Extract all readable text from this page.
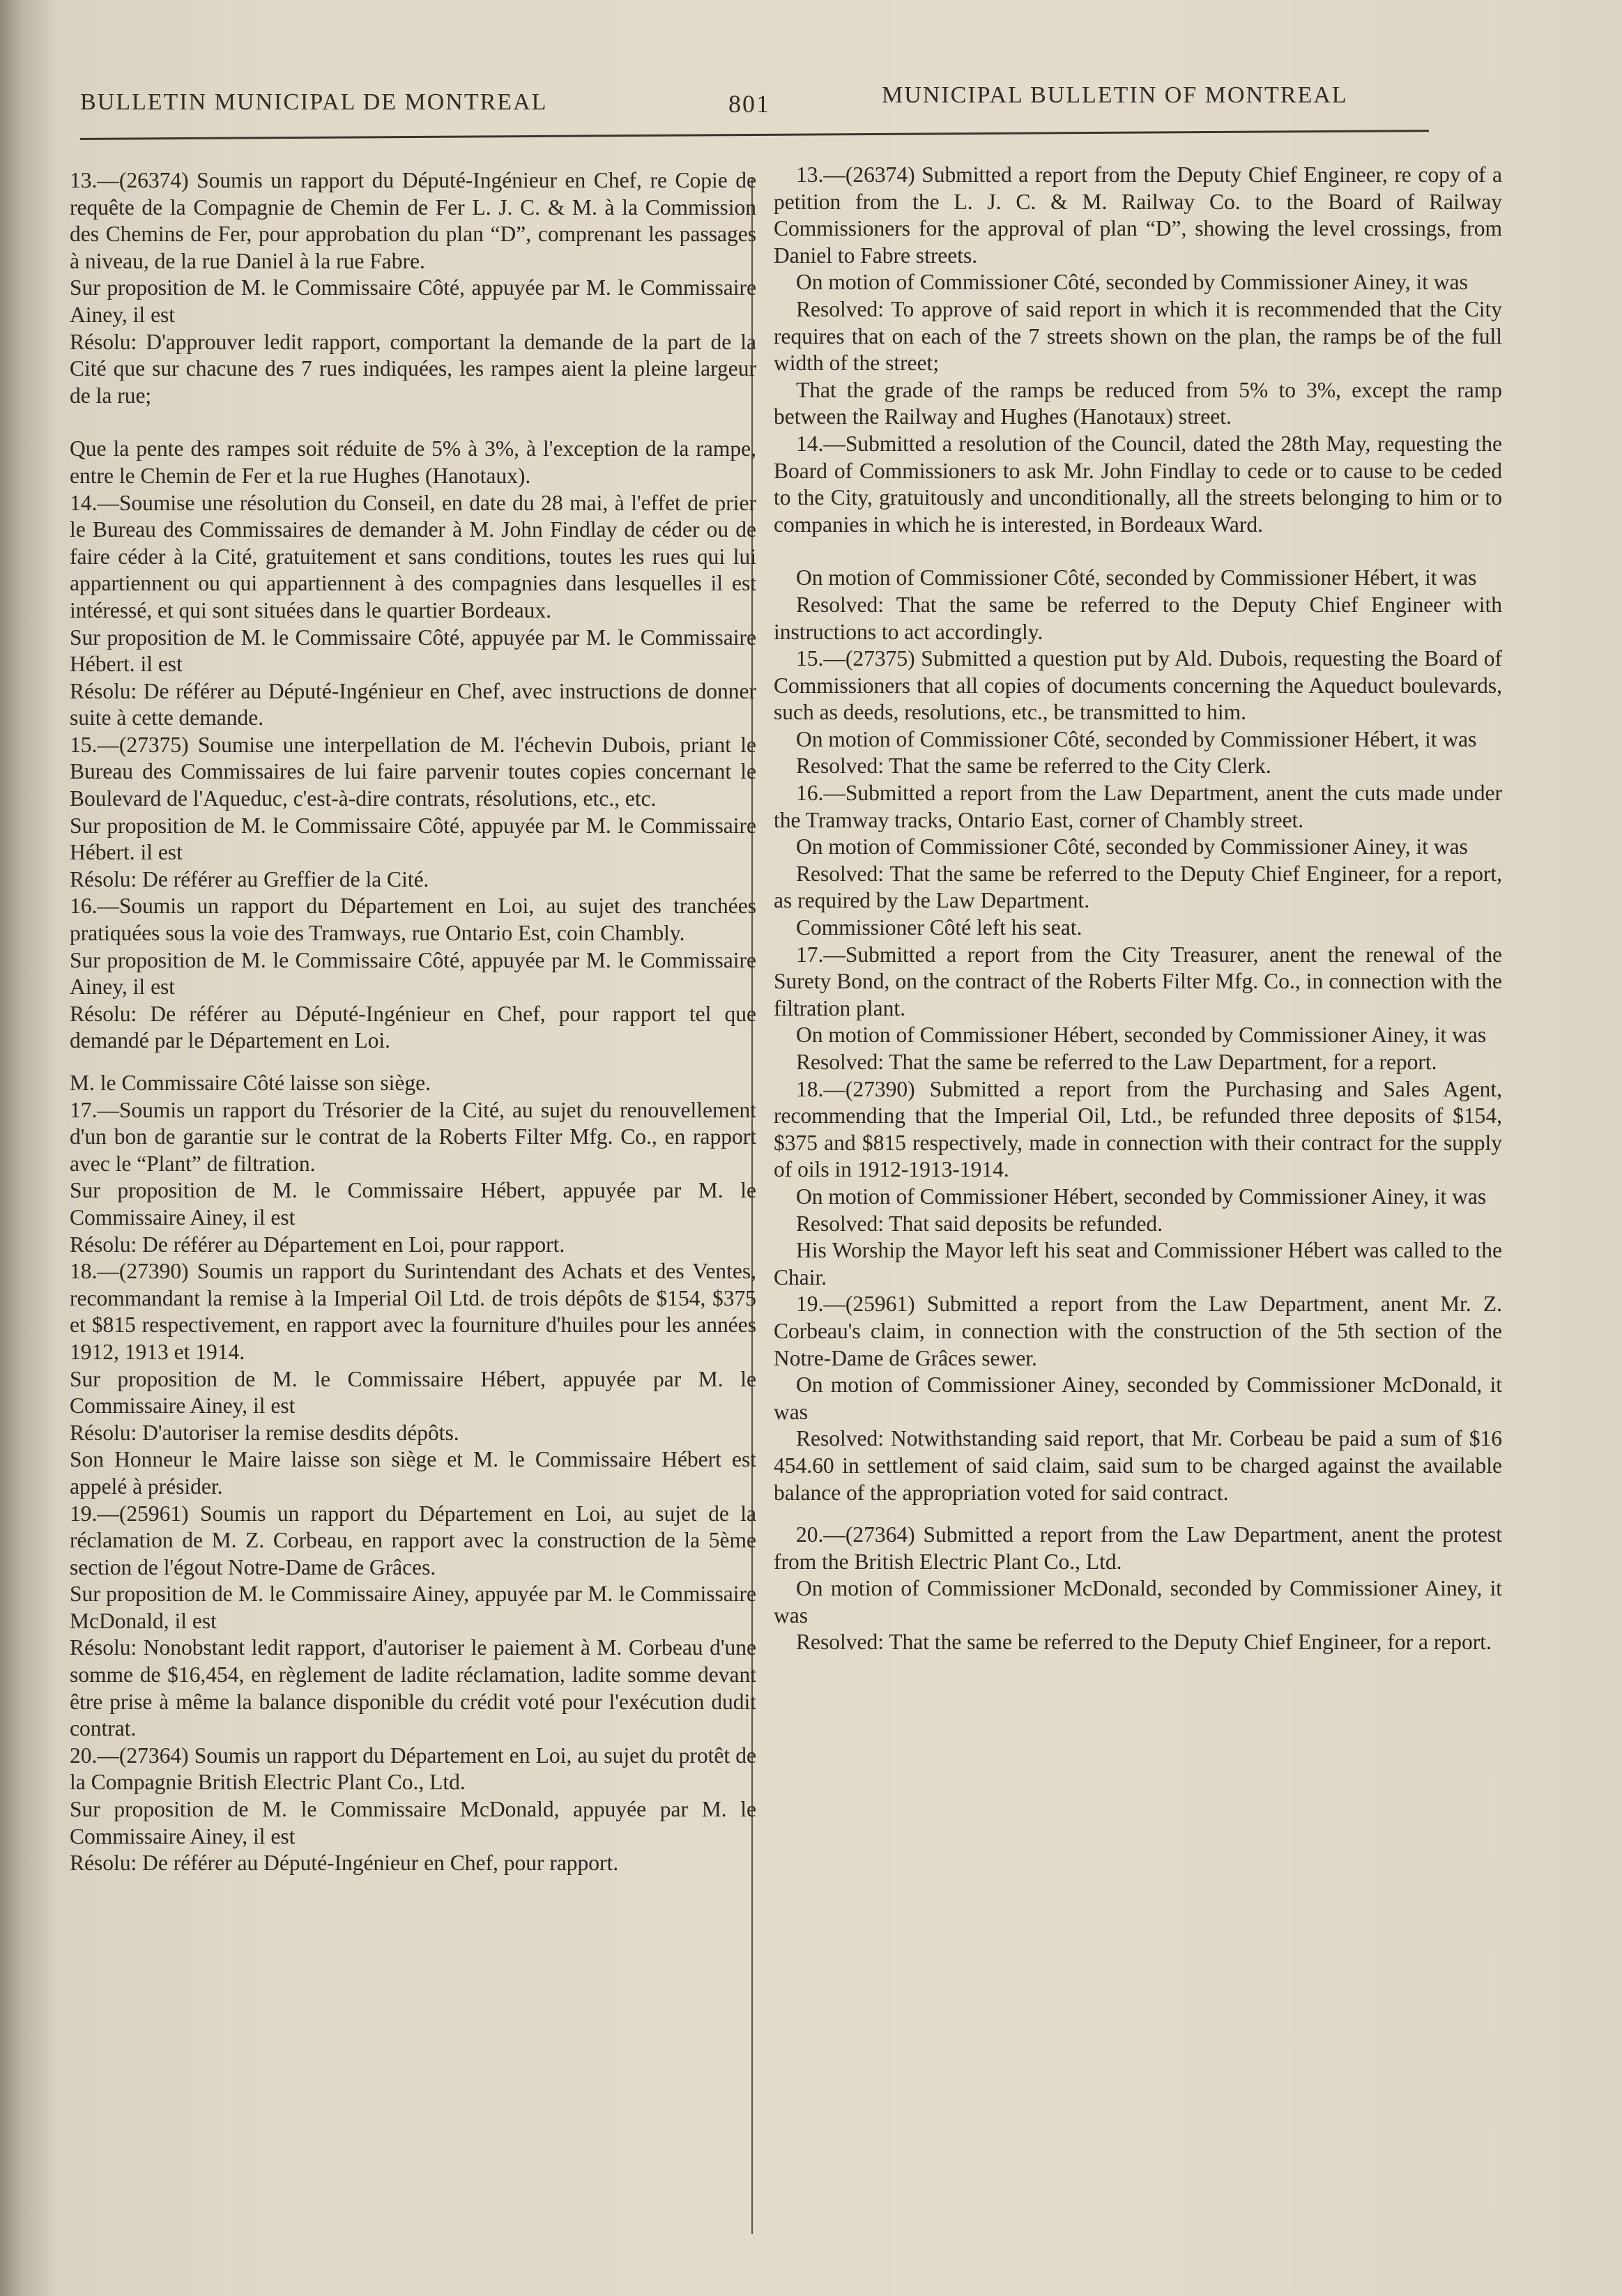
BULLETIN MUNICIPAL DE MONTREAL	801	MUNICIPAL BULLETIN OF MONTREAL

13.—(26374) Soumis un rapport du Député-Ingénieur en Chef, re Copie de requête de la Compagnie de Chemin de Fer L. J. C. & M. à la Commission des Chemins de Fer, pour approbation du plan “D”, comprenant les passages à niveau, de la rue Daniel à la rue Fabre.

Sur proposition de M. le Commissaire Côté, appuyée par M. le Commissaire Ainey, il est

Résolu: D'approuver ledit rapport, comportant la demande de la part de la Cité que sur chacune des 7 rues indiquées, les rampes aient la pleine largeur de la rue;

Que la pente des rampes soit réduite de 5% à 3%, à l'exception de la rampe, entre le Chemin de Fer et la rue Hughes (Hanotaux).

14.—Soumise une résolution du Conseil, en date du 28 mai, à l'effet de prier le Bureau des Commissaires de demander à M. John Findlay de céder ou de faire céder à la Cité, gratuitement et sans conditions, toutes les rues qui lui appartiennent ou qui appartiennent à des compagnies dans lesquelles il est intéressé, et qui sont situées dans le quartier Bordeaux.

Sur proposition de M. le Commissaire Côté, appuyée par M. le Commissaire Hébert. il est

Résolu: De référer au Député-Ingénieur en Chef, avec instructions de donner suite à cette demande.

15.—(27375) Soumise une interpellation de M. l'échevin Dubois, priant le Bureau des Commissaires de lui faire parvenir toutes copies concernant le Boulevard de l'Aqueduc, c'est-à-dire contrats, résolutions, etc., etc.

Sur proposition de M. le Commissaire Côté, appuyée par M. le Commissaire Hébert. il est

Résolu: De référer au Greffier de la Cité.

16.—Soumis un rapport du Département en Loi, au sujet des tranchées pratiquées sous la voie des Tramways, rue Ontario Est, coin Chambly.

Sur proposition de M. le Commissaire Côté, appuyée par M. le Commissaire Ainey, il est

Résolu: De référer au Député-Ingénieur en Chef, pour rapport tel que demandé par le Département en Loi.

M. le Commissaire Côté laisse son siège.

17.—Soumis un rapport du Trésorier de la Cité, au sujet du renouvellement d'un bon de garantie sur le contrat de la Roberts Filter Mfg. Co., en rapport avec le “Plant” de filtration.

Sur proposition de M. le Commissaire Hébert, appuyée par M. le Commissaire Ainey, il est

Résolu: De référer au Département en Loi, pour rapport.

18.—(27390) Soumis un rapport du Surintendant des Achats et des Ventes, recommandant la remise à la Imperial Oil Ltd. de trois dépôts de $154, $375 et $815 respectivement, en rapport avec la fourniture d'huiles pour les années 1912, 1913 et 1914.

Sur proposition de M. le Commissaire Hébert, appuyée par M. le Commissaire Ainey, il est

Résolu: D'autoriser la remise desdits dépôts.

Son Honneur le Maire laisse son siège et M. le Commissaire Hébert est appelé à présider.

19.—(25961) Soumis un rapport du Département en Loi, au sujet de la réclamation de M. Z. Corbeau, en rapport avec la construction de la 5ème section de l'égout Notre-Dame de Grâces.

Sur proposition de M. le Commissaire Ainey, appuyée par M. le Commissaire McDonald, il est

Résolu: Nonobstant ledit rapport, d'autoriser le paiement à M. Corbeau d'une somme de $16,454, en règlement de ladite réclamation, ladite somme devant être prise à même la balance disponible du crédit voté pour l'exécution dudit contrat.

20.—(27364) Soumis un rapport du Département en Loi, au sujet du protêt de la Compagnie British Electric Plant Co., Ltd.

Sur proposition de M. le Commissaire McDonald, appuyée par M. le Commissaire Ainey, il est

Résolu: De référer au Député-Ingénieur en Chef, pour rapport.

13.—(26374) Submitted a report from the Deputy Chief Engineer, re copy of a petition from the L. J. C. & M. Railway Co. to the Board of Railway Commissioners for the approval of plan “D”, showing the level crossings, from Daniel to Fabre streets.

On motion of Commissioner Côté, seconded by Commissioner Ainey, it was

Resolved: To approve of said report in which it is recommended that the City requires that on each of the 7 streets shown on the plan, the ramps be of the full width of the street;

That the grade of the ramps be reduced from 5% to 3%, except the ramp between the Railway and Hughes (Hanotaux) street.

14.—Submitted a resolution of the Council, dated the 28th May, requesting the Board of Commissioners to ask Mr. John Findlay to cede or to cause to be ceded to the City, gratuitously and unconditionally, all the streets belonging to him or to companies in which he is interested, in Bordeaux Ward.

On motion of Commissioner Côté, seconded by Commissioner Hébert, it was

Resolved: That the same be referred to the Deputy Chief Engineer with instructions to act accordingly.

15.—(27375) Submitted a question put by Ald. Dubois, requesting the Board of Commissioners that all copies of documents concerning the Aqueduct boulevards, such as deeds, resolutions, etc., be transmitted to him.

On motion of Commissioner Côté, seconded by Commissioner Hébert, it was

Resolved: That the same be referred to the City Clerk.

16.—Submitted a report from the Law Department, anent the cuts made under the Tramway tracks, Ontario East, corner of Chambly street.

On motion of Commissioner Côté, seconded by Commissioner Ainey, it was

Resolved: That the same be referred to the Deputy Chief Engineer, for a report, as required by the Law Department.

Commissioner Côté left his seat.

17.—Submitted a report from the City Treasurer, anent the renewal of the Surety Bond, on the contract of the Roberts Filter Mfg. Co., in connection with the filtration plant.

On motion of Commissioner Hébert, seconded by Commissioner Ainey, it was

Resolved: That the same be referred to the Law Department, for a report.

18.—(27390) Submitted a report from the Purchasing and Sales Agent, recommending that the Imperial Oil, Ltd., be refunded three deposits of $154, $375 and $815 respectively, made in connection with their contract for the supply of oils in 1912-1913-1914.

On motion of Commissioner Hébert, seconded by Commissioner Ainey, it was

Resolved: That said deposits be refunded.

His Worship the Mayor left his seat and Commissioner Hébert was called to the Chair.

19.—(25961) Submitted a report from the Law Department, anent Mr. Z. Corbeau's claim, in connection with the construction of the 5th section of the Notre-Dame de Grâces sewer.

On motion of Commissioner Ainey, seconded by Commissioner McDonald, it was

Resolved: Notwithstanding said report, that Mr. Corbeau be paid a sum of $16 454.60 in settlement of said claim, said sum to be charged against the available balance of the appropriation voted for said contract.

20.—(27364) Submitted a report from the Law Department, anent the protest from the British Electric Plant Co., Ltd.

On motion of Commissioner McDonald, seconded by Commissioner Ainey, it was

Resolved: That the same be referred to the Deputy Chief Engineer, for a report.
